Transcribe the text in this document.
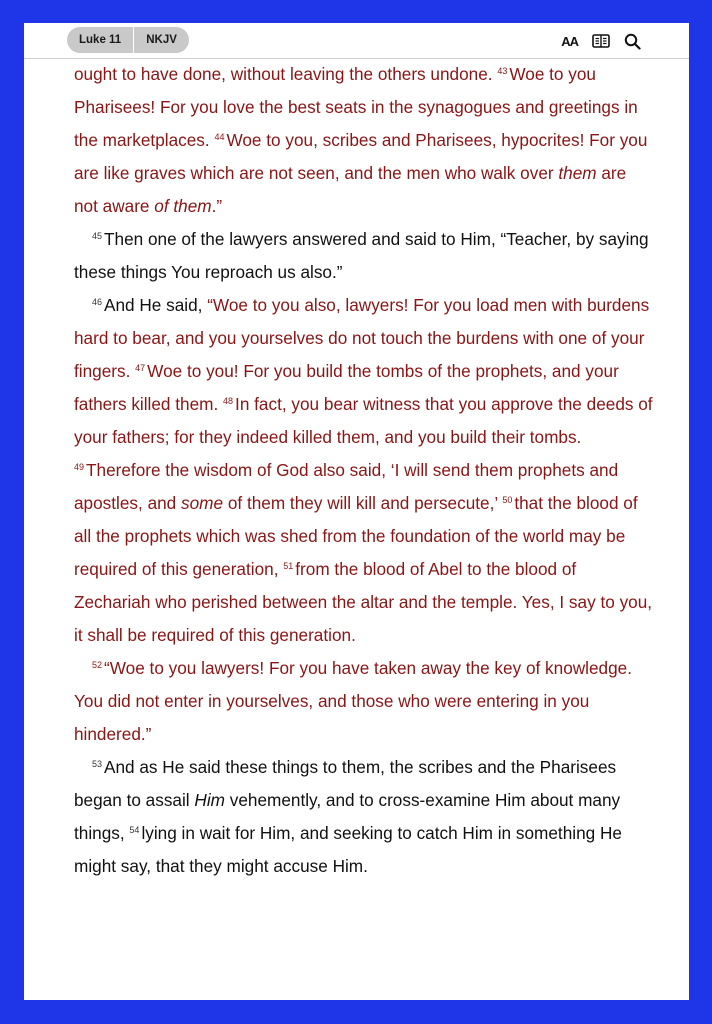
Luke 11	NKJV	AA

ought to have done, without leaving the others undone. $^{43}$ Woe to you Pharisees! For you love the best seats in the synagogues and greetings in the marketplaces. $^{44}$ Woe to you, scribes and Pharisees, hypocrites! For you are like graves which are not seen, and the men who walk over them are not aware of them.”

$^{45}$ Then one of the lawyers answered and said to Him, “Teacher, by saying these things You reproach us also.”

$^{46}$ And He said, “Woe to you also, lawyers! For you load men with burdens hard to bear, and you yourselves do not touch the burdens with one of your fingers. $^{47}$ Woe to you! For you build the tombs of the prophets, and your fathers killed them. $^{48}$ In fact, you bear witness that you approve the deeds of your fathers; for they indeed killed them, and you build their tombs. $^{49}$ Therefore the wisdom of God also said, ‘I will send them prophets and apostles, and some of them they will kill and persecute,’ $^{50}$ that the blood of all the prophets which was shed from the foundation of the world may be required of this generation, $^{51}$ from the blood of Abel to the blood of Zechariah who perished between the altar and the temple. Yes, I say to you, it shall be required of this generation.

$^{52}$ “Woe to you lawyers! For you have taken away the key of knowledge. You did not enter in yourselves, and those who were entering in you hindered.”

$^{53}$ And as He said these things to them, the scribes and the Pharisees began to assail Him vehemently, and to cross-examine Him about many things, $^{54}$ lying in wait for Him, and seeking to catch Him in something He might say, that they might accuse Him.
